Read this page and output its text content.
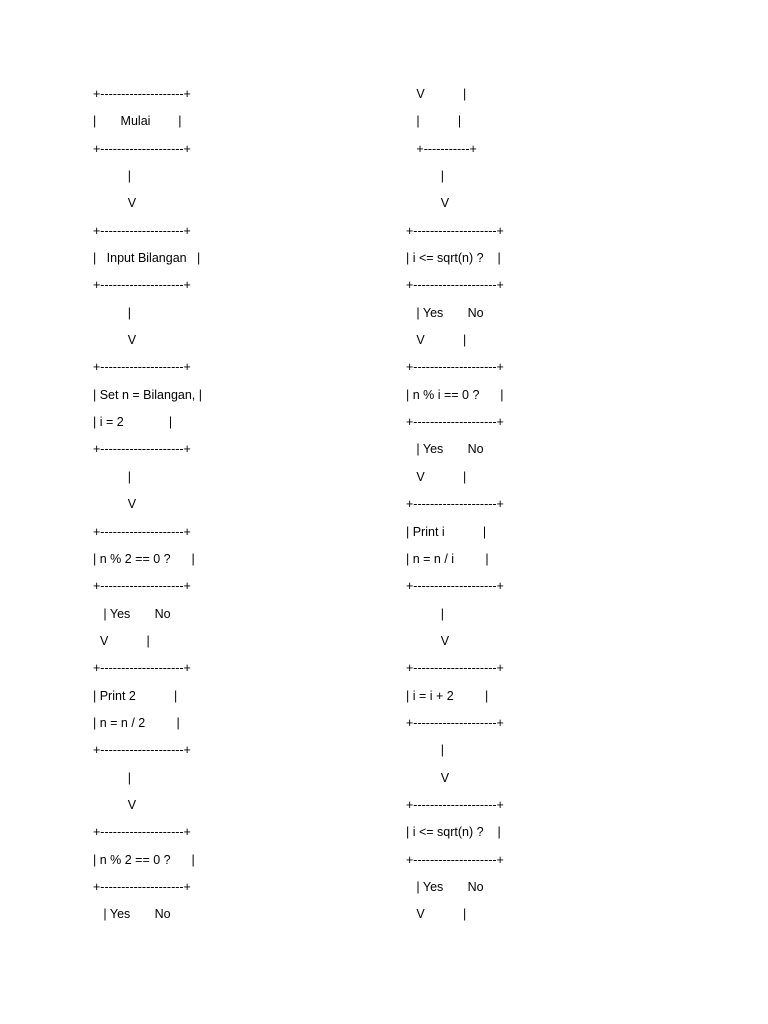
+--------------------+
|       Mulai        |
+--------------------+
|
V
+--------------------+
|   Input Bilangan   |
+--------------------+
|
V
+--------------------+
| Set n = Bilangan, |
| i = 2             |
+--------------------+
|
V
+--------------------+
| n % 2 == 0 ?      |
+--------------------+
| Yes       No
V           |
+--------------------+
| Print 2           |
| n = n / 2         |
+--------------------+
|
V
+--------------------+
| n % 2 == 0 ?      |
+--------------------+
| Yes       No
V           |
|           |
+-----------+
|
V
+--------------------+
| i <= sqrt(n) ?    |
+--------------------+
| Yes       No
V           |
+--------------------+
| n % i == 0 ?      |
+--------------------+
| Yes       No
V           |
+--------------------+
| Print i           |
| n = n / i         |
+--------------------+
|
V
+--------------------+
| i = i + 2         |
+--------------------+
|
V
+--------------------+
| i <= sqrt(n) ?    |
+--------------------+
| Yes       No
V           |
